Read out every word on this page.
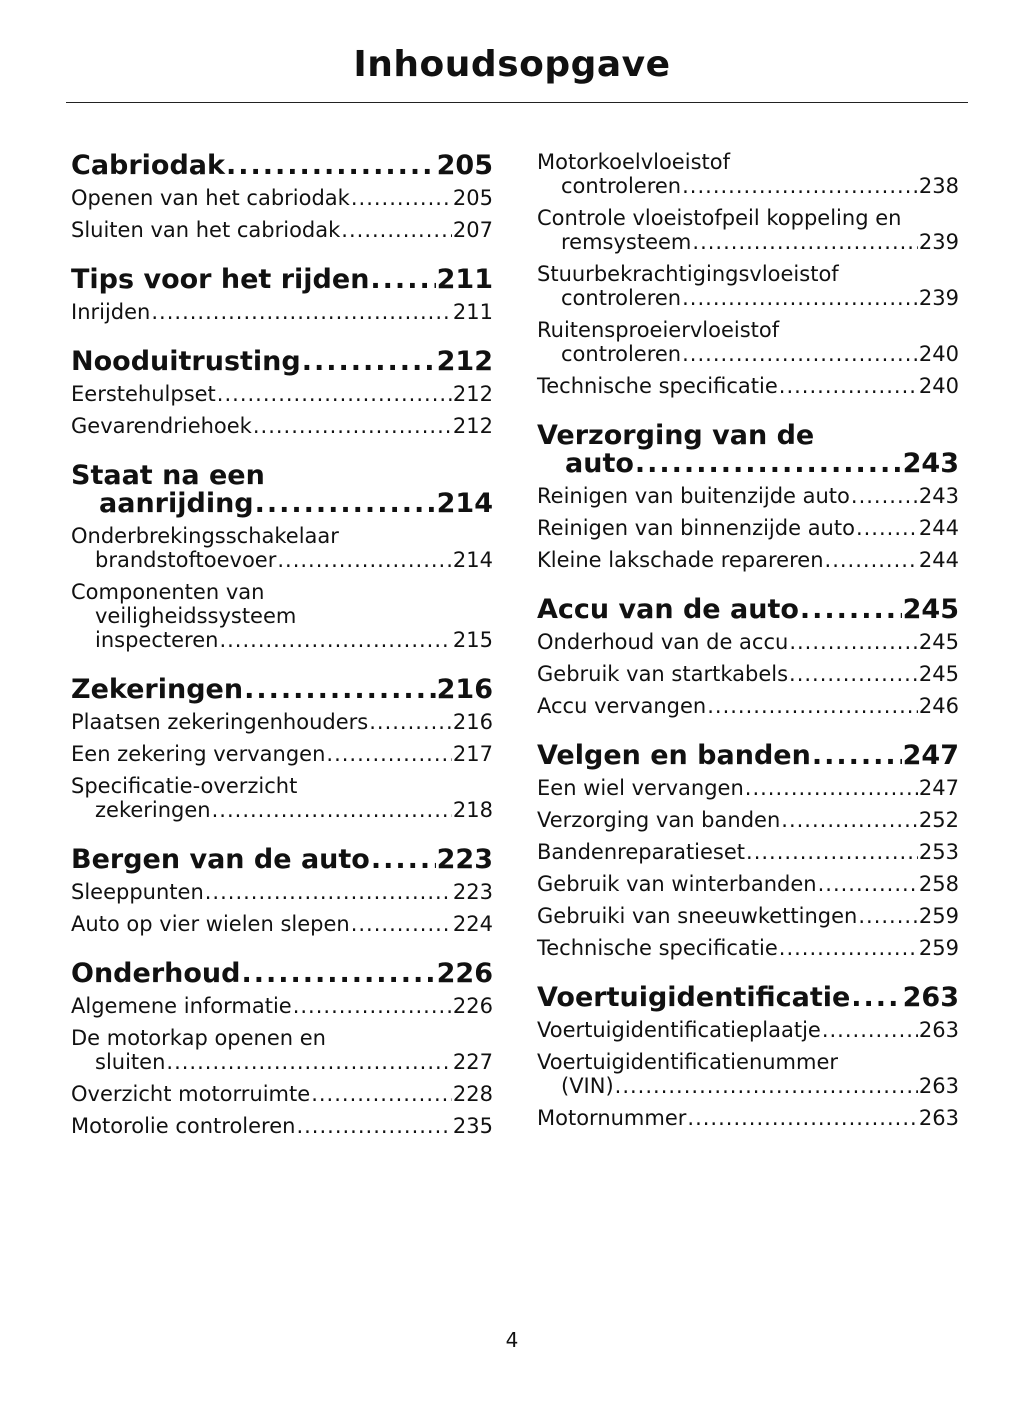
Inhoudsopgave
Cabriodak .....	205
Openen van het cabriodak .....	205
Sluiten van het cabriodak .....	207
Tips voor het rijden ..... 211
Inrijden .....	211
Nooduitrusting .....	212
Eerstehulpset .....	212
Gevarendriehoek .....	212
Staat na een
aanrijding .....	214
Onderbrekingsschakelaar
brandstoftoevoer .....	214
Componenten van
veiligheidssysteem
inspecteren .....	215
Zekeringen .....	216
Plaatsen zekeringenhouders .....	216
Een zekering vervangen .....	217
Specificatie-overzicht
zekeringen .....	218
Bergen van de auto ..... 223
Sleeppunten .....	223
Auto op vier wielen slepen .....	224
Onderhoud .....	226
Algemene informatie .....	226
De motorkap openen en
sluiten .....	227
Overzicht motorruimte .....	228
Motorolie controleren .....	235
Motorkoelvloeistof
controleren .....	238
Controle vloeistofpeil koppeling en
remsysteem .....	239
Stuurbekrachtigingsvloeistof
controleren .....	239
Ruitensproeiervloeistof
controleren .....	240
Technische specificatie .....	240
Verzorging van de
auto .....	243
Reinigen van buitenzijde auto .....	243
Reinigen van binnenzijde auto .....	244
Kleine lakschade repareren .....	244
Accu van de auto .....	245
Onderhoud van de accu .....	245
Gebruik van startkabels .....	245
Accu vervangen .....	246
Velgen en banden .....	247
Een wiel vervangen .....	247
Verzorging van banden .....	252
Bandenreparatieset .....	253
Gebruik van winterbanden .....	258
Gebruiki van sneeuwkettingen .....	259
Technische specificatie .....	259
Voertuigidentificatie ..... 263
Voertuigidentificatieplaatje .....	263
Voertuigidentificatienummer
(VIN) .....	263
Motornummer .....	263
4
